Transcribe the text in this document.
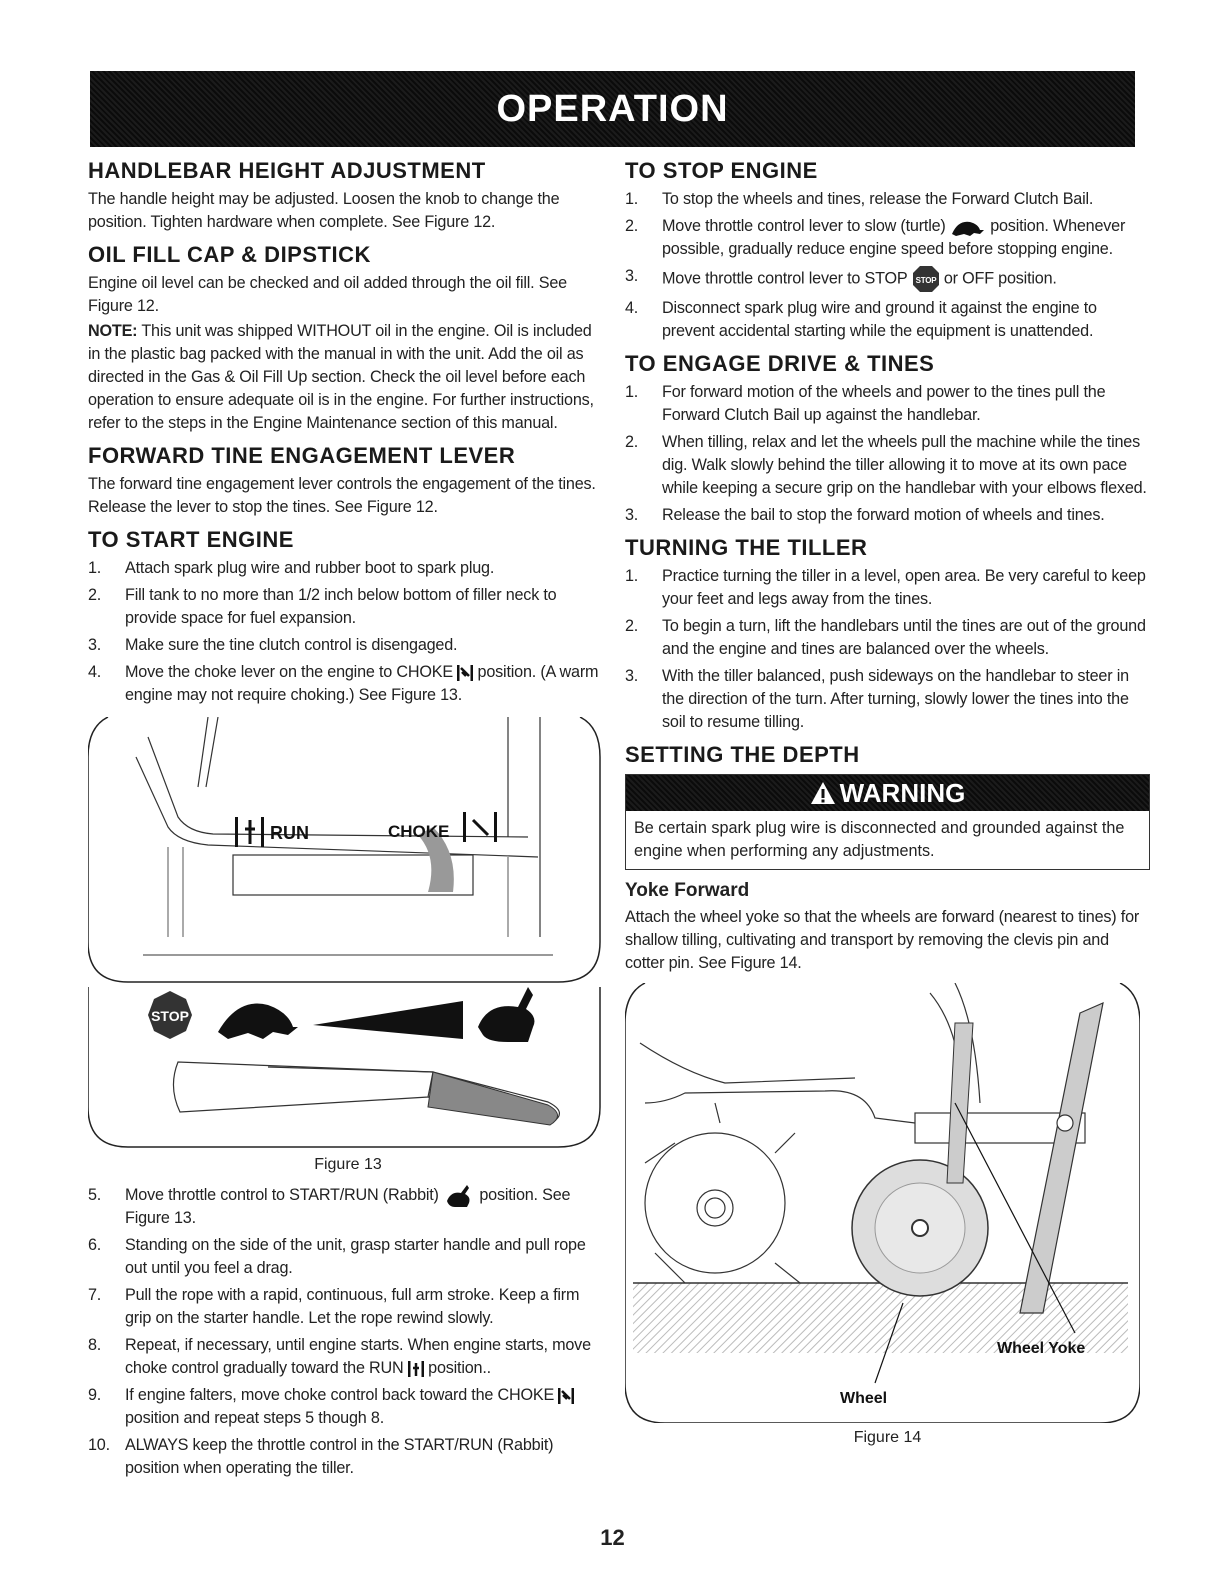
OPERATION
HANDLEBAR HEIGHT ADJUSTMENT

The handle height may be adjusted. Loosen the knob to change the position. Tighten hardware when complete. See Figure 12.

OIL FILL CAP & DIPSTICK

Engine oil level can be checked and oil added through the oil fill. See Figure 12.

NOTE: This unit was shipped WITHOUT oil in the engine. Oil is included in the plastic bag packed with the manual in with the unit. Add the oil as directed in the Gas & Oil Fill Up section. Check the oil level before each operation to ensure adequate oil is in the engine. For further instructions, refer to the steps in the Engine Maintenance section of this manual.

FORWARD TINE ENGAGEMENT LEVER

The forward tine engagement lever controls the engagement of the tines. Release the lever to stop the tines. See Figure 12.

TO START ENGINE
1. Attach spark plug wire and rubber boot to spark plug.
2. Fill tank to no more than 1/2 inch below bottom of filler neck to provide space for fuel expansion.
3. Make sure the tine clutch control is disengaged.
4. Move the choke lever on the engine to CHOKE  position. (A warm engine may not require choking.) See Figure 13.
RUN	CHOKE
STOP
Figure 13
5. Move throttle control to START/RUN (Rabbit)  position. See Figure 13.
6. Standing on the side of the unit, grasp starter handle and pull rope out until you feel a drag.
7. Pull the rope with a rapid, continuous, full arm stroke. Keep a firm grip on the starter handle. Let the rope rewind slowly.
8. Repeat, if necessary, until engine starts. When engine starts, move choke control gradually toward the RUN  position..
9. If engine falters, move choke control back toward the CHOKE  position and repeat steps 5 though 8.
10. ALWAYS keep the throttle control in the START/RUN (Rabbit) position when operating the tiller.
TO STOP ENGINE
1. To stop the wheels and tines, release the Forward Clutch Bail.
2. Move throttle control lever to slow (turtle)  position. Whenever possible, gradually reduce engine speed before stopping engine.
3. Move throttle control lever to STOP STOP or OFF position.
4. Disconnect spark plug wire and ground it against the engine to prevent accidental starting while the equipment is unattended.
TO ENGAGE DRIVE & TINES
1. For forward motion of the wheels and power to the tines pull the Forward Clutch Bail up against the handlebar.
2. When tilling, relax and let the wheels pull the machine while the tines dig. Walk slowly behind the tiller allowing it to move at its own pace while keeping a secure grip on the handlebar with your elbows flexed.
3. Release the bail to stop the forward motion of wheels and tines.
TURNING THE TILLER
1. Practice turning the tiller in a level, open area. Be very careful to keep your feet and legs away from the tines.
2. To begin a turn, lift the handlebars until the tines are out of the ground and the engine and tines are balanced over the wheels.
3. With the tiller balanced, push sideways on the handlebar to steer in the direction of the turn. After turning, slowly lower the tines into the soil to resume tilling.
SETTING THE DEPTH
WARNING
Be certain spark plug wire is disconnected and grounded against the engine when performing any adjustments.
Yoke Forward

Attach the wheel yoke so that the wheels are forward (nearest to tines) for shallow tilling, cultivating and transport by removing the clevis pin and cotter pin. See Figure 14.

Wheel
Wheel Yoke
Figure 14
12
